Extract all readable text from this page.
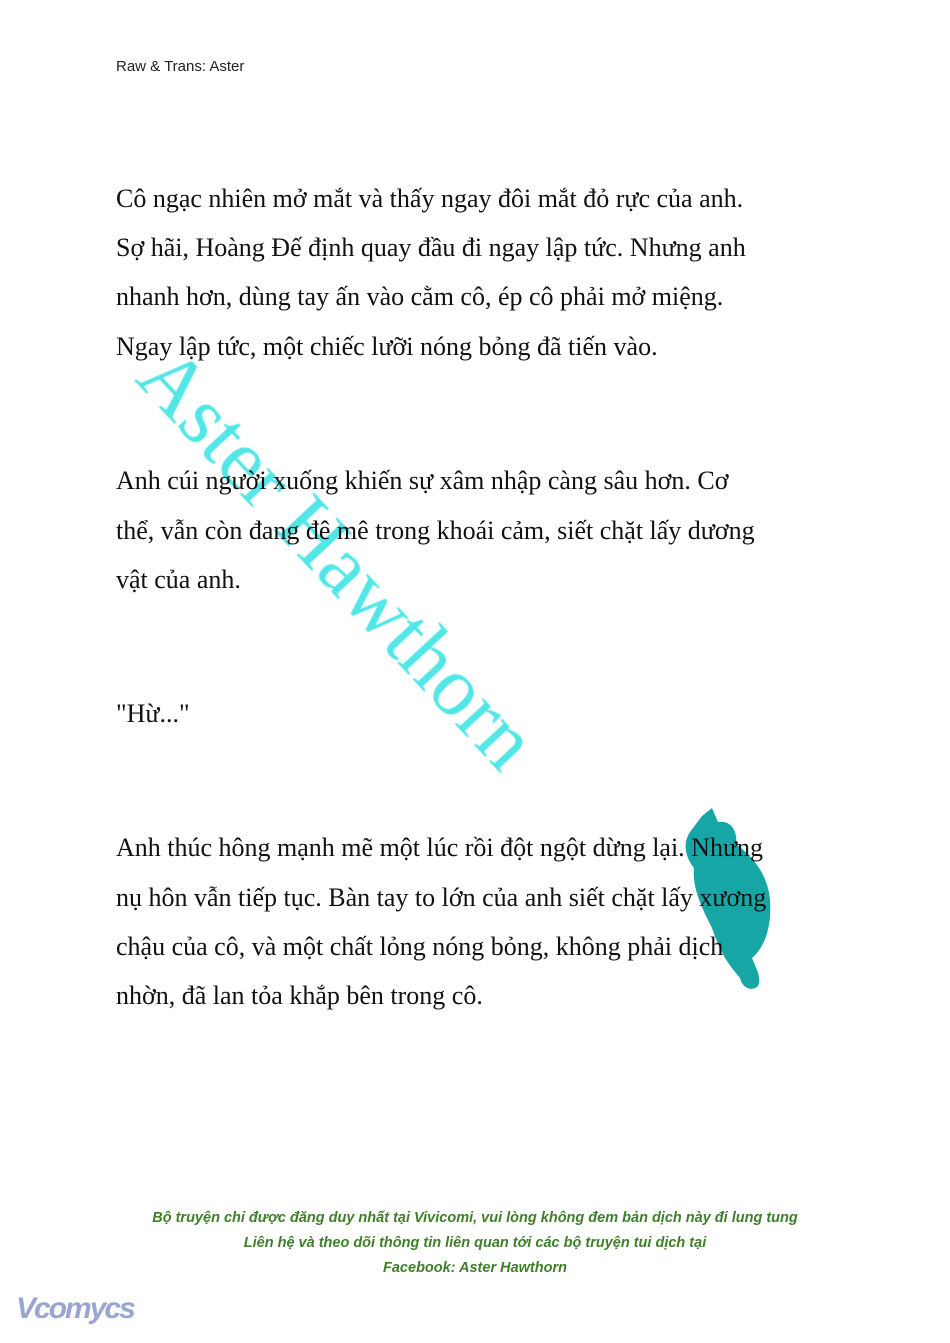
Raw & Trans: Aster
Cô ngạc nhiên mở mắt và thấy ngay đôi mắt đỏ rực của anh.
Sợ hãi, Hoàng Đế định quay đầu đi ngay lập tức. Nhưng anh
nhanh hơn, dùng tay ấn vào cằm cô, ép cô phải mở miệng.
Ngay lập tức, một chiếc lưỡi nóng bỏng đã tiến vào.
Anh cúi người xuống khiến sự xâm nhập càng sâu hơn. Cơ
thể, vẫn còn đang đê mê trong khoái cảm, siết chặt lấy dương
vật của anh.
"Hừ..."
Anh thúc hông mạnh mẽ một lúc rồi đột ngột dừng lại. Nhưng
nụ hôn vẫn tiếp tục. Bàn tay to lớn của anh siết chặt lấy xương
chậu của cô, và một chất lỏng nóng bỏng, không phải dịch
nhờn, đã lan tỏa khắp bên trong cô.
Bộ truyện chỉ được đăng duy nhất tại Vivicomi, vui lòng không đem bản dịch này đi lung tung
Liên hệ và theo dõi thông tin liên quan tới các bộ truyện tui dịch tại
Facebook: Aster Hawthorn
Vcomycs
